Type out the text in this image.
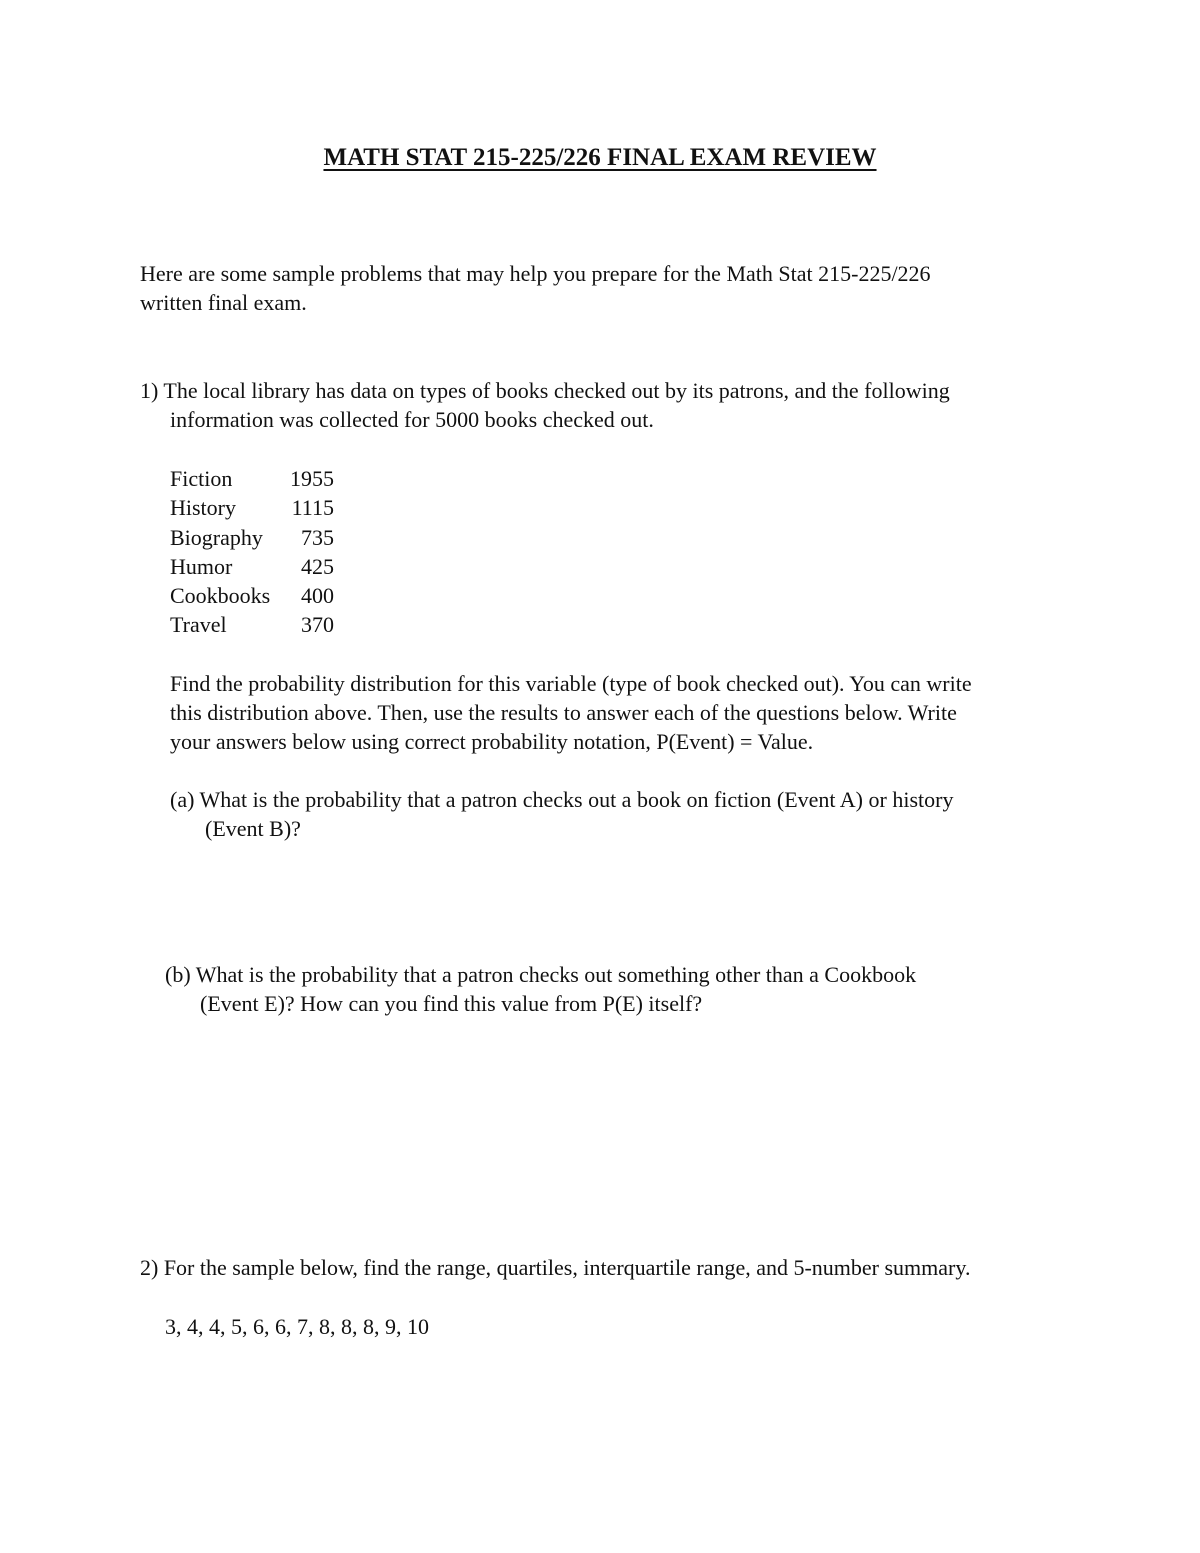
MATH STAT 215-225/226 FINAL EXAM REVIEW
Here are some sample problems that may help you prepare for the Math Stat 215-225/226
written final exam.
1) The local library has data on types of books checked out by its patrons, and the following
information was collected for 5000 books checked out.
Fiction	1955
History	1115
Biography	735
Humor	425
Cookbooks	400
Travel	370
Find the probability distribution for this variable (type of book checked out). You can write
this distribution above. Then, use the results to answer each of the questions below. Write
your answers below using correct probability notation, P(Event) = Value.
(a) What is the probability that a patron checks out a book on fiction (Event A) or history
(Event B)?
(b) What is the probability that a patron checks out something other than a Cookbook
(Event E)? How can you find this value from P(E) itself?
2) For the sample below, find the range, quartiles, interquartile range, and 5-number summary.
3, 4, 4, 5, 6, 6, 7, 8, 8, 8, 9, 10
